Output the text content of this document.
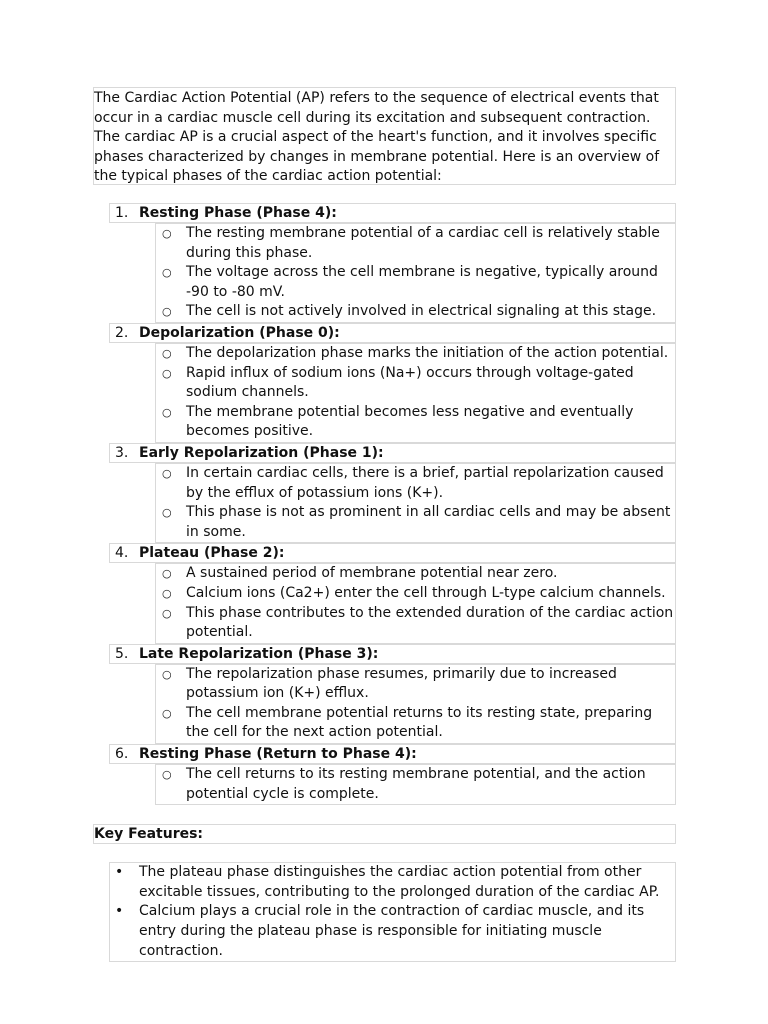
The Cardiac Action Potential (AP) refers to the sequence of electrical events that occur in a cardiac muscle cell during its excitation and subsequent contraction. The cardiac AP is a crucial aspect of the heart's function, and it involves specific phases characterized by changes in membrane potential. Here is an overview of the typical phases of the cardiac action potential:
1. Resting Phase (Phase 4):
○ The resting membrane potential of a cardiac cell is relatively stable during this phase.
○ The voltage across the cell membrane is negative, typically around -90 to -80 mV.
○ The cell is not actively involved in electrical signaling at this stage.
2. Depolarization (Phase 0):
○ The depolarization phase marks the initiation of the action potential.
○ Rapid influx of sodium ions (Na+) occurs through voltage-gated sodium channels.
○ The membrane potential becomes less negative and eventually becomes positive.
3. Early Repolarization (Phase 1):
○ In certain cardiac cells, there is a brief, partial repolarization caused by the efflux of potassium ions (K+).
○ This phase is not as prominent in all cardiac cells and may be absent in some.
4. Plateau (Phase 2):
○ A sustained period of membrane potential near zero.
○ Calcium ions (Ca2+) enter the cell through L-type calcium channels.
○ This phase contributes to the extended duration of the cardiac action potential.
5. Late Repolarization (Phase 3):
○ The repolarization phase resumes, primarily due to increased potassium ion (K+) efflux.
○ The cell membrane potential returns to its resting state, preparing the cell for the next action potential.
6. Resting Phase (Return to Phase 4):
○ The cell returns to its resting membrane potential, and the action potential cycle is complete.
Key Features:
• The plateau phase distinguishes the cardiac action potential from other excitable tissues, contributing to the prolonged duration of the cardiac AP.
• Calcium plays a crucial role in the contraction of cardiac muscle, and its entry during the plateau phase is responsible for initiating muscle contraction.
